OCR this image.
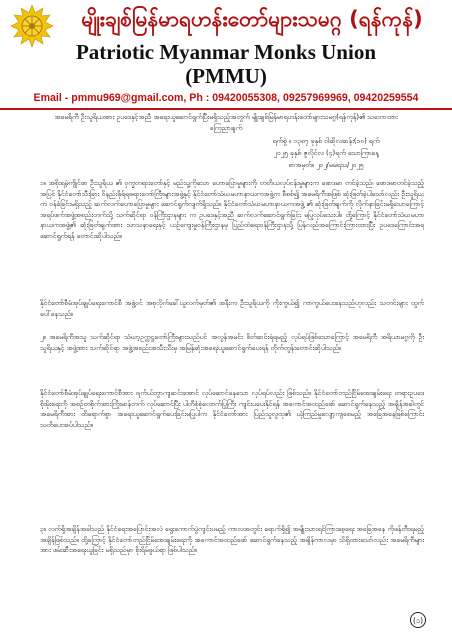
မျိုးချစ်မြန်မာရဟန်းတော်များသမဂ္ဂ (ရန်ကုန်)
Patriotic Myanmar Monks Union
(PMMU)
Email - pmmu969@gmail.com, Ph : 09420055308, 09257969969, 09420259554
အမေရိကီ ဦးသူရိယအား ဥပဒေနှင့်အညီ အရေးယူဆောင်ရွက်ပြီးမရှိသည့်အတွက် မျိုးချစ်မြန်မာရဟန်းတော်များသမဂ္ဂ(ရန်ကုန်)၏ သဘောထား ကြေညာချက်
ရက်စွဲ ။ ၁၃၈၇ ခုနှစ် ဝါဆိုလဆန်း(၁၀) ရက်
၂၀၂၅ ခုနှစ် ဇူလိုင်လ (၄)ရက် သောကြာနေ့
စာအမှတ်။ ၂၀၂/မမရသ/၂၀၂၅
၁။ အစိုးရမဲ့ကျိုင်ဖာ ဦးသူရိယ ၏ ဝှက္ခတရားတော်နှင့် မည်သူ့ကိုသော ဟောပြောမှုများကို တတိယလုပ်ငန်းမှုများက ဖောဒမာ တင်ခဲ့သည်၊ ဖောဒမာတင်ခဲ့သည့်အပြင် နိုင်ငံတော်သီးခြား ဝိနည်းဖိုရ်ရဓရားတော်ကြီးများအဖွဲ့နှင့် နိုင်ငံတော်သံဃမဟာနာယကအဖွဲ့က စီစစ်၍ အမေရိကီအဖြစ် ဆုံးဖြတ်ခဲ့ပါသော်လည်း ဦးသူရိယ က ဝန်ခံခြင်းမရှိသည့် ဆက်လက်ဟောပြောမှုများ ဆောင်ရွက်လျက်ရှိသည်။ နိုင်ငံတော်သံဃမဟာနာယကအဖွဲ့ ၏ ဆုံးဖြတ်ချက်ကို လိုက်နာခြင်းမရှိသောကြောင့် အရပ်ဖက်အဖွဲ့အစည်းတက်သို့ သက်ဆိုင်ရာ ဝန်ကြီးဌာနများ က ဥပဒေနှင့်အညီ ဆက်လက်ဆောင်ရွက်ခြင်း မပြုလုပ်သေးပါ။ ထို့ကြောင့် နိုင်ငံတော်သံဃမဟာနာယကအဖွဲ့၏ ဆုံးဖြတ်ချက်အား သာသနာရေးနှင့် ယဉ်ကျေးမှုဝန်ကြီးဌာနမှ ပြည်ထဲရေးဝန်ကြီးဌာနသို့ ပြန်လည်အကြောင်းကြားထားပြီး ဥပဒေကြောင်းအရ ဆောင်ရွက်ရန် တောင်းဆိုပါသည်။
နိုင်ငံတော်စီမံအုပ်ချုပ်ရေးကောင်စီ အဖွဲ့ဝင် အစုလိုက်ခေါ်ယူလက်မှတ်၏ အနီးက ဦးသူရိယကို ကိုးကွယ်၍ ကာကွယ်ပေးနေသည်ဟုလည်း သတင်းများ ထွက်ပေါ်နေသည်။
၂။ အမေရိကီအသူ သက်ဆိုင်ရာ သံဃာ့ဥက္ကဋ္ဌတော်ကြီးများသည်ပင် အလွန်အမင်း စိတ်ဆင်းရဲရမည့် လုပ်ရပ်ဖြစ်သောကြောင့် အမေရိကီ အရိယာမဂ္ဂကို ဦးသူရိယနှင့် အဖွဲ့အား သက်ဆိုင်ရာ အဖွဲ့အစည်းအသီးသီးမှ အမြန်ဆုံးအရေးယူဆောင်ရွက်ပေးရန် တိုက်တွန်းတောင်းဆိုပါသည်။
နိုင်ငံတော်စီမံအုပ်ချုပ်ရေးကောင်စီအား ၀ုက်ယ်ဘွာကျဆင်းအောင် လုပ်ဆောင်နေသော လုပ်ရပ်လည်း ဖြစ်သည်။ နိုင်ငံတော်တည်ငြိမ်အေးချမ်းရေး တရားဥပဒေစိုးမိုးရေးကို အစဉ်တစိုက်အားကြိုးမာန်တက် လုပ်ဆောင်ပြီး ပါတီစုံစုံလောက်ပြုကြီး ကျင်းပပေးနိုင်ရန် အကောင်အထည်ဖော် ဆောင်ရွက်နေသည့် အချိန်အခါတွင် အမေရိကီအား ထိရောက်စွာ အရေးယူဆောင်ရွက်ပေးခြင်းမပြုပါက နိုင်ငံတော်အား ပြည်သူလူထု၏ ယုံကြည်မှုလျော့ကျစေမည့် အခြေအနေဖြစ်ကြောင်း သတိပေးအပ်ပါသည်။
၃။ လက်ရှိအချိန်အခါသည် နိုင်ငံရေးအပြောင်းအလဲ ရွေးကောက်ပွဲကျင်းပမည့် ကာလအတွင်း ရောက်ရှိ၍ အမျိုးသားရင်ကြားစေ့ရေး အခြေအနေ ကိုဖန်တီးရမည့် အချိန်ဖြစ်သည်။ ထို့ကြောင့် နိုင်ငံတော်တည်ငြိမ်အေးချမ်းရေးကို အကောင်အထည်ဖော် ဆောင်ရွက်နေသည့် အချိန်ကာလမှာ သိရှိထားသော်လည်း အမေရိကီများအား ဖမ်းဆီးအရေးယူခြင်း မရှိသည်မှာ စိုးရိမ်ဖွယ်ရာ ဖြစ်ပါသည်။
(၁)
